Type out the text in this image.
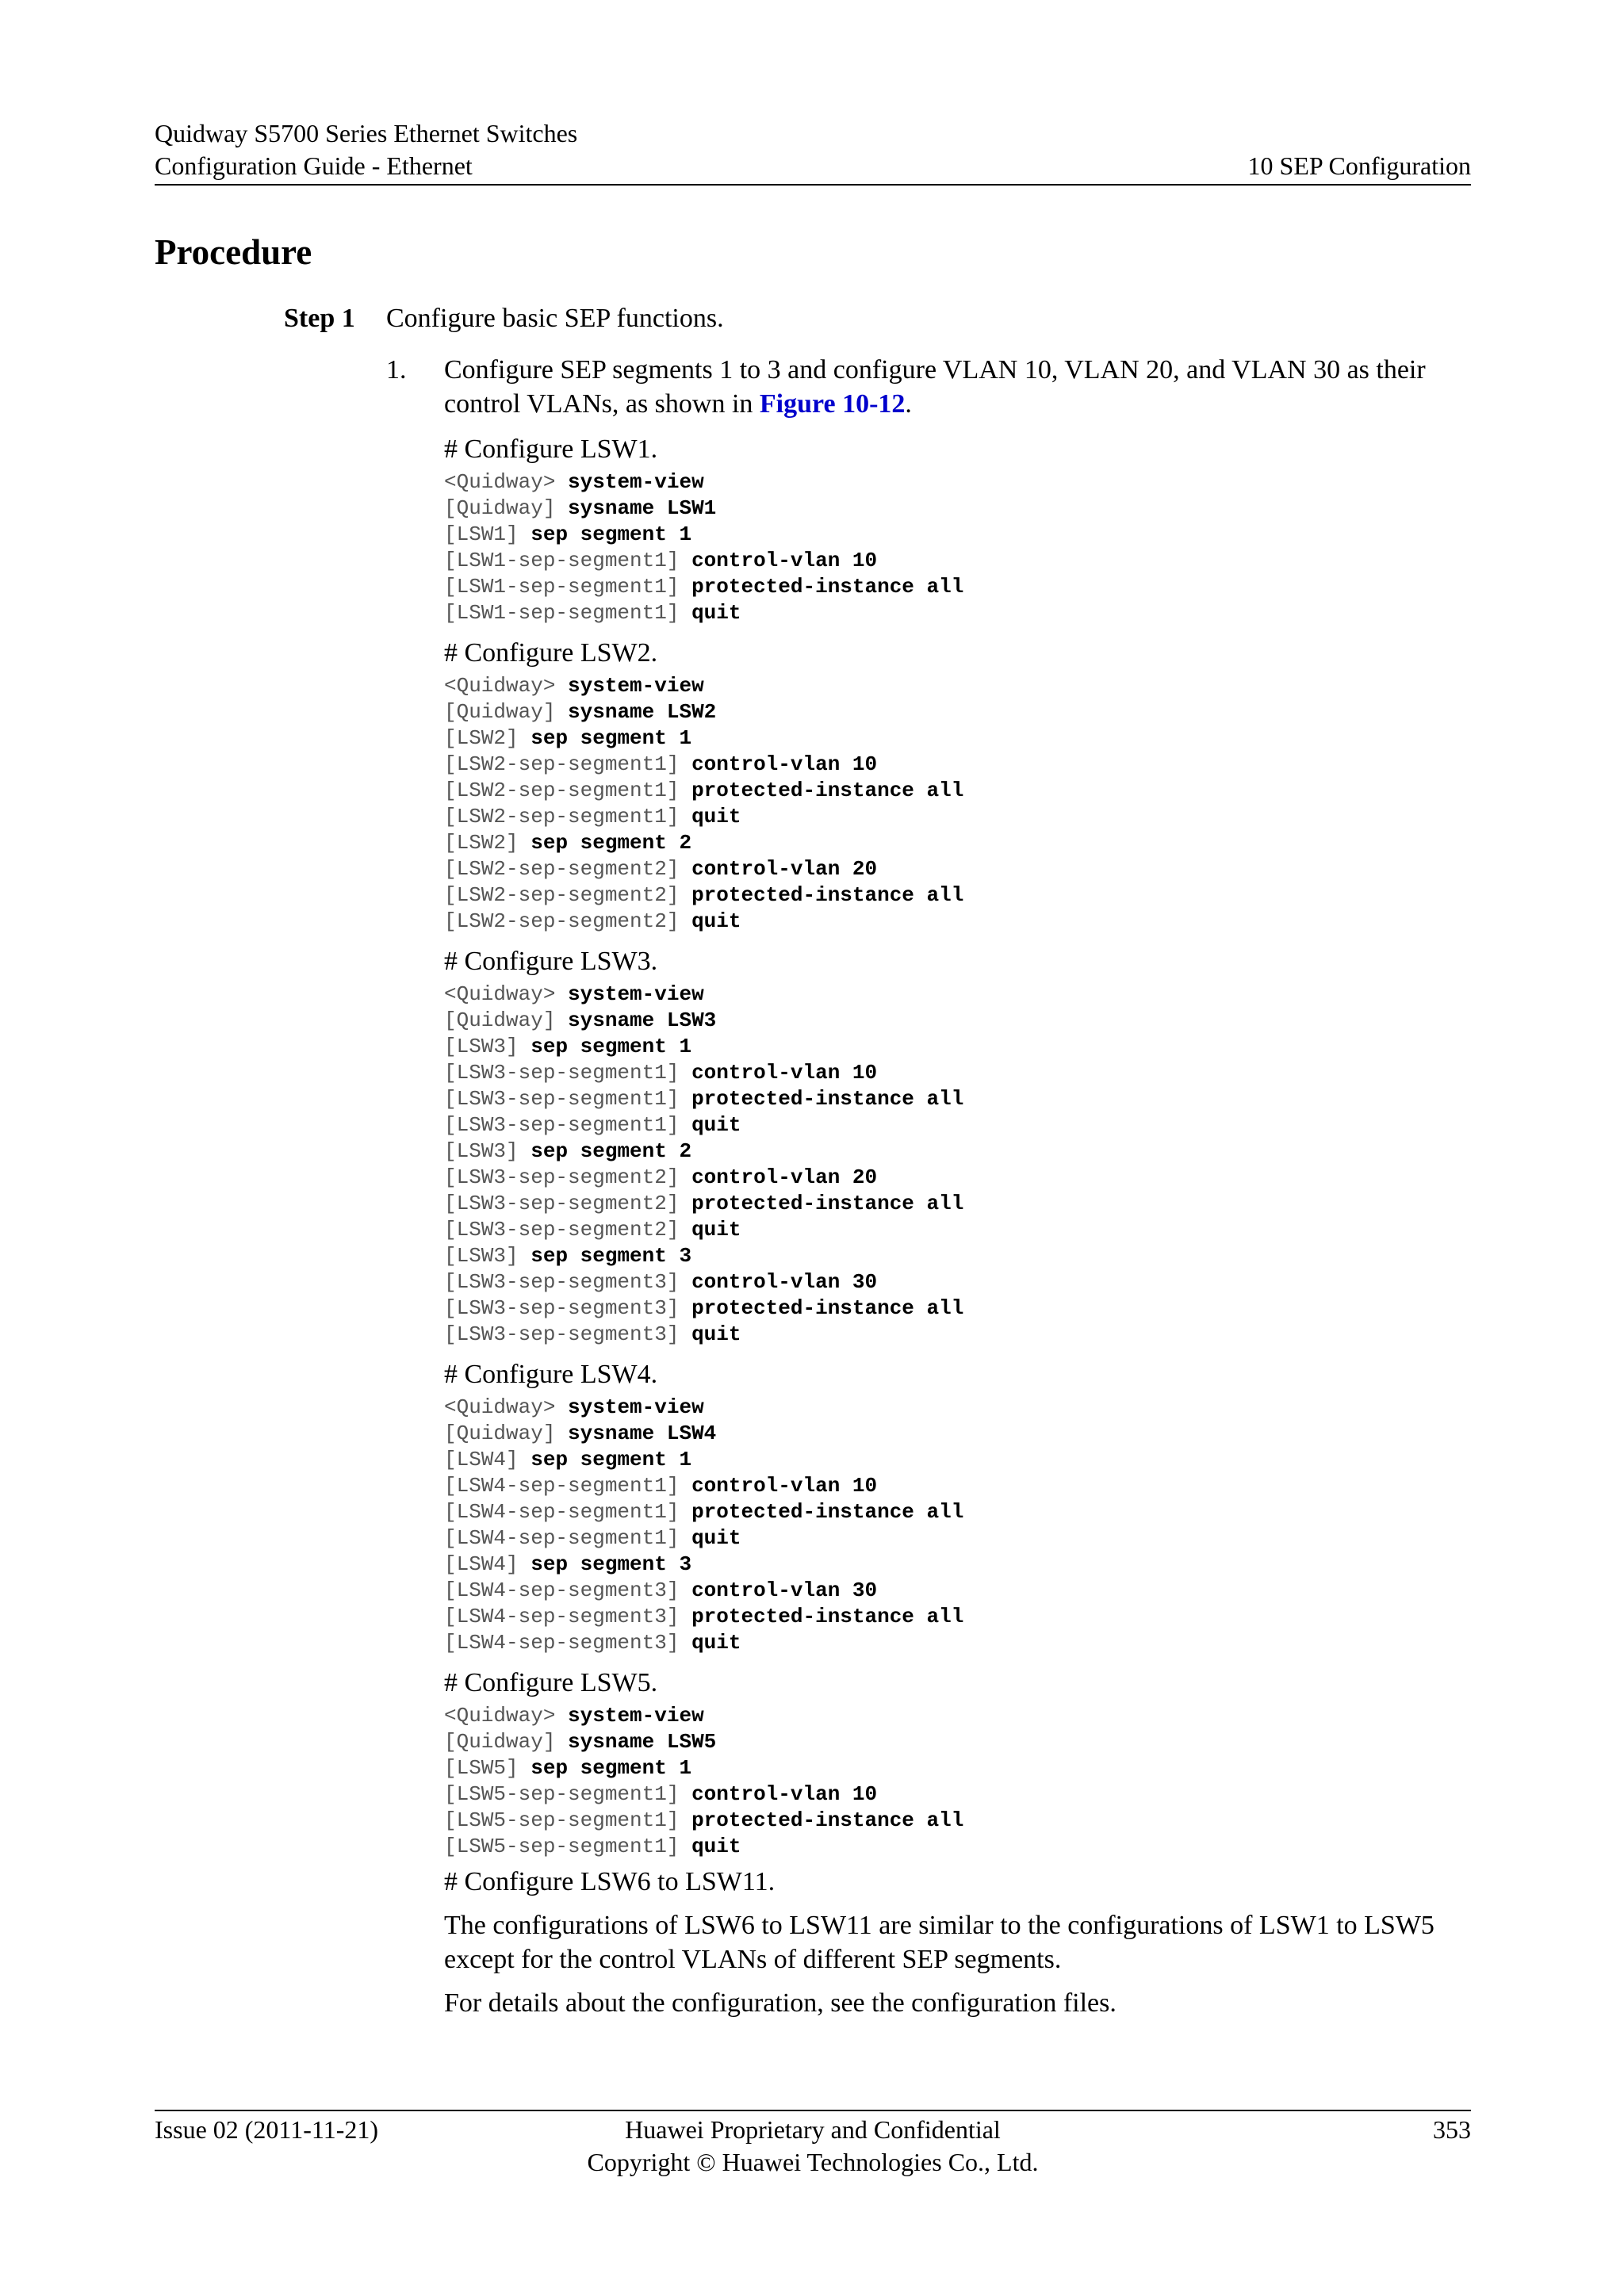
Quidway S5700 Series Ethernet Switches
Configuration Guide - Ethernet	10 SEP Configuration
Procedure
Step 1	Configure basic SEP functions.
1. Configure SEP segments 1 to 3 and configure VLAN 10, VLAN 20, and VLAN 30 as their control VLANs, as shown in Figure 10-12.

# Configure LSW1.

<Quidway> system-view
[Quidway] sysname LSW1
[LSW1] sep segment 1
[LSW1-sep-segment1] control-vlan 10
[LSW1-sep-segment1] protected-instance all
[LSW1-sep-segment1] quit

# Configure LSW2.

<Quidway> system-view
[Quidway] sysname LSW2
[LSW2] sep segment 1
[LSW2-sep-segment1] control-vlan 10
[LSW2-sep-segment1] protected-instance all
[LSW2-sep-segment1] quit
[LSW2] sep segment 2
[LSW2-sep-segment2] control-vlan 20
[LSW2-sep-segment2] protected-instance all
[LSW2-sep-segment2] quit

# Configure LSW3.

<Quidway> system-view
[Quidway] sysname LSW3
[LSW3] sep segment 1
[LSW3-sep-segment1] control-vlan 10
[LSW3-sep-segment1] protected-instance all
[LSW3-sep-segment1] quit
[LSW3] sep segment 2
[LSW3-sep-segment2] control-vlan 20
[LSW3-sep-segment2] protected-instance all
[LSW3-sep-segment2] quit
[LSW3] sep segment 3
[LSW3-sep-segment3] control-vlan 30
[LSW3-sep-segment3] protected-instance all
[LSW3-sep-segment3] quit

# Configure LSW4.

<Quidway> system-view
[Quidway] sysname LSW4
[LSW4] sep segment 1
[LSW4-sep-segment1] control-vlan 10
[LSW4-sep-segment1] protected-instance all
[LSW4-sep-segment1] quit
[LSW4] sep segment 3
[LSW4-sep-segment3] control-vlan 30
[LSW4-sep-segment3] protected-instance all
[LSW4-sep-segment3] quit

# Configure LSW5.

<Quidway> system-view
[Quidway] sysname LSW5
[LSW5] sep segment 1
[LSW5-sep-segment1] control-vlan 10
[LSW5-sep-segment1] protected-instance all
[LSW5-sep-segment1] quit

# Configure LSW6 to LSW11.

The configurations of LSW6 to LSW11 are similar to the configurations of LSW1 to LSW5 except for the control VLANs of different SEP segments.

For details about the configuration, see the configuration files.

Issue 02 (2011-11-21)	Huawei Proprietary and Confidential
Copyright © Huawei Technologies Co., Ltd.
353
